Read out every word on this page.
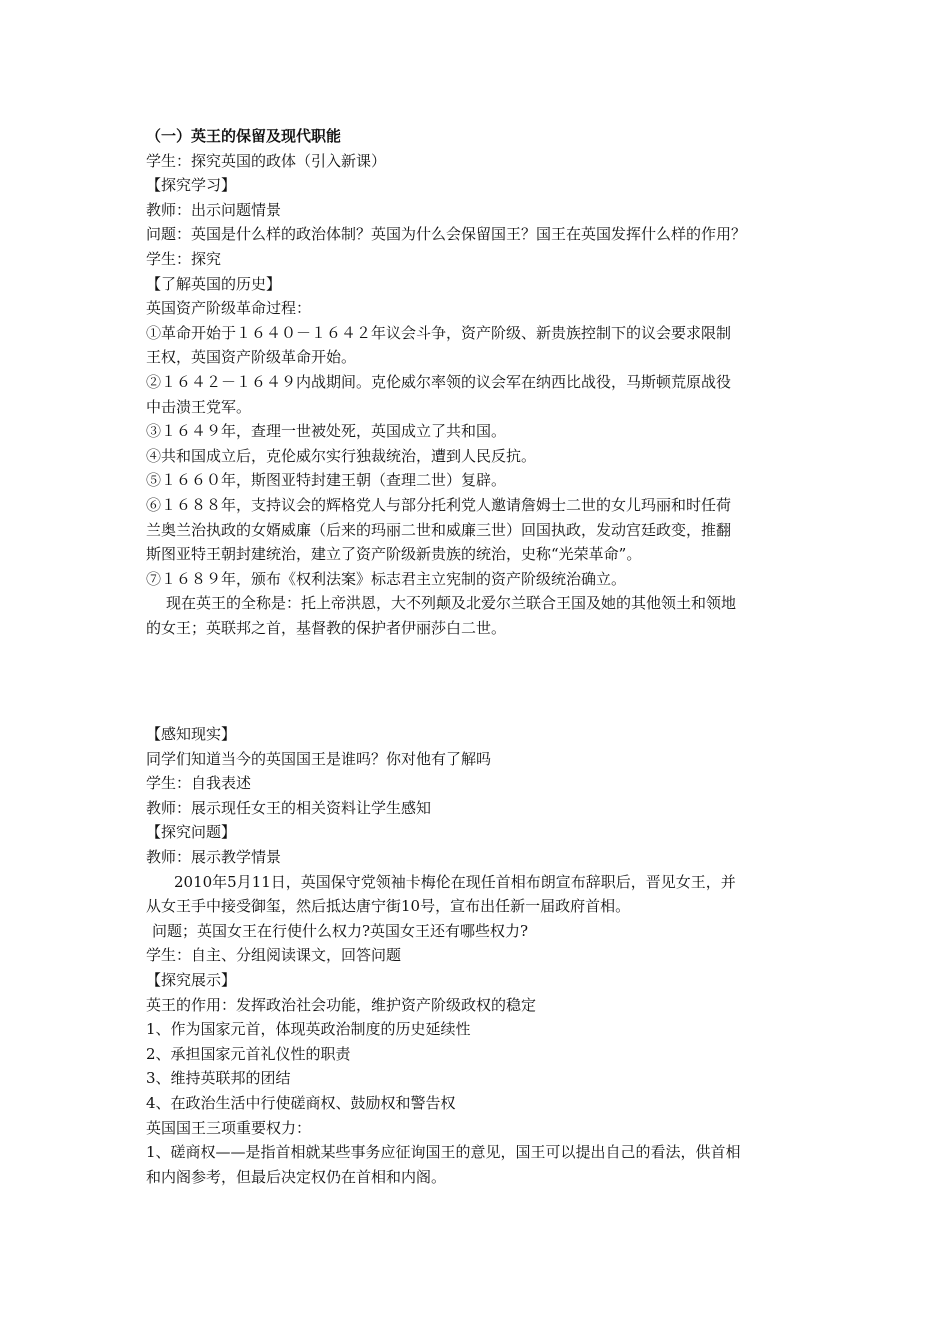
（一）英王的保留及现代职能
学生：探究英国的政体（引入新课）
【探究学习】
教师：出示问题情景
问题：英国是什么样的政治体制？英国为什么会保留国王？国王在英国发挥什么样的作用？
学生：探究
【了解英国的历史】
英国资产阶级革命过程：
①革命开始于１６４０－１６４２年议会斗争，资产阶级、新贵族控制下的议会要求限制
王权，英国资产阶级革命开始。
②１６４２－１６４９内战期间。克伦威尔率领的议会军在纳西比战役，马斯顿荒原战役
中击溃王党军。
③１６４９年，查理一世被处死，英国成立了共和国。
④共和国成立后，克伦威尔实行独裁统治，遭到人民反抗。
⑤１６６０年，斯图亚特封建王朝（查理二世）复辟。
⑥１６８８年，支持议会的辉格党人与部分托利党人邀请詹姆士二世的女儿玛丽和时任荷
兰奥兰治执政的女婿威廉（后来的玛丽二世和威廉三世）回国执政，发动宫廷政变，推翻
斯图亚特王朝封建统治，建立了资产阶级新贵族的统治，史称“光荣革命”。
⑦１６８９年，颁布《权利法案》标志君主立宪制的资产阶级统治确立。
现在英王的全称是：托上帝洪恩，大不列颠及北爱尔兰联合王国及她的其他领土和领地
的女王；英联邦之首，基督教的保护者伊丽莎白二世。
【感知现实】
同学们知道当今的英国国王是谁吗？你对他有了解吗
学生：自我表述
教师：展示现任女王的相关资料让学生感知
【探究问题】
教师：展示教学情景
2010年5月11日，英国保守党领袖卡梅伦在现任首相布朗宣布辞职后，晋见女王，并
从女王手中接受御玺，然后抵达唐宁街10号，宣布出任新一届政府首相。
问题；英国女王在行使什么权力?英国女王还有哪些权力?
学生：自主、分组阅读课文，回答问题
【探究展示】
英王的作用：发挥政治社会功能，维护资产阶级政权的稳定
1、作为国家元首，体现英政治制度的历史延续性
2、承担国家元首礼仪性的职责
3、维持英联邦的团结
4、在政治生活中行使磋商权、鼓励权和警告权
英国国王三项重要权力：
1、磋商权——是指首相就某些事务应征询国王的意见，国王可以提出自己的看法，供首相
和内阁参考，但最后决定权仍在首相和内阁。
